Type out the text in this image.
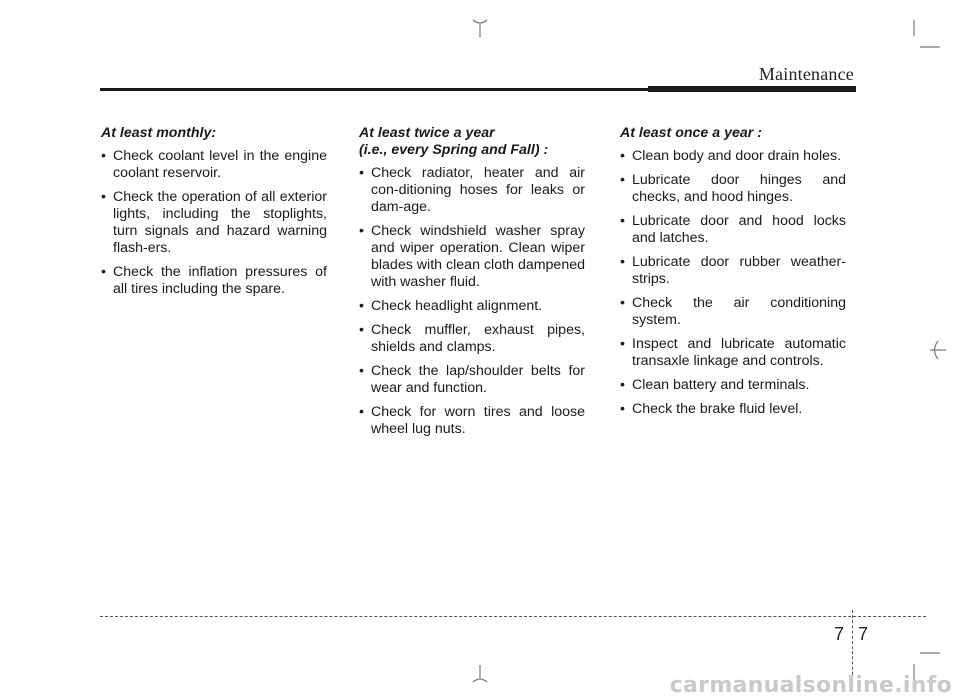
Maintenance
At least monthly:
• Check coolant level in the engine coolant reservoir.
• Check the operation of all exterior lights, including the stoplights, turn signals and hazard warning flash-ers.
• Check the inflation pressures of all tires including the spare.
At least twice a year
(i.e., every Spring and Fall) :
• Check radiator, heater and air con-ditioning hoses for leaks or dam-age.
• Check windshield washer spray and wiper operation. Clean wiper blades with clean cloth dampened with washer fluid.
• Check headlight alignment.
• Check muffler, exhaust pipes, shields and clamps.
• Check the lap/shoulder belts for wear and function.
• Check for worn tires and loose wheel lug nuts.
At least once a year :
• Clean body and door drain holes.
• Lubricate door hinges and checks, and hood hinges.
• Lubricate door and hood locks and latches.
• Lubricate door rubber weather-strips.
• Check the air conditioning system.
• Inspect and lubricate automatic transaxle linkage and controls.
• Clean battery and terminals.
• Check the brake fluid level.
7 7
carmanualsonline.info
